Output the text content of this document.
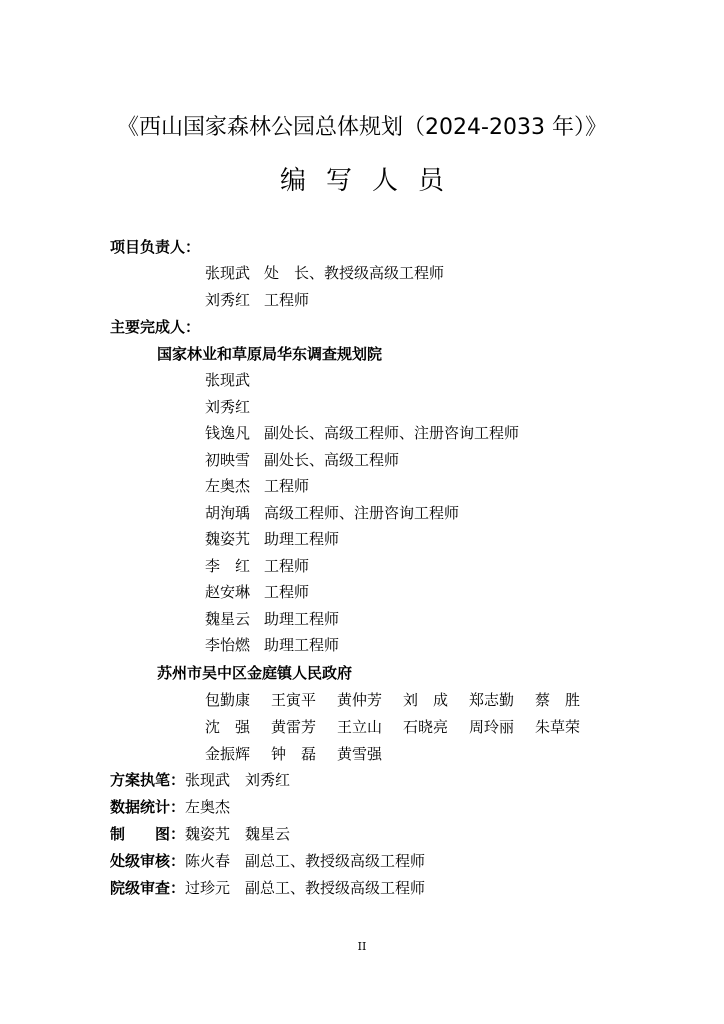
《西山国家森林公园总体规划（2024-2033 年）》
编写人员
项目负责人：
张现武 处　长、教授级高级工程师
刘秀红 工程师
主要完成人：
国家林业和草原局华东调查规划院
张现武
刘秀红
钱逸凡 副处长、高级工程师、注册咨询工程师
初映雪 副处长、高级工程师
左奥杰 工程师
胡洵瑀 高级工程师、注册咨询工程师
魏姿艽 助理工程师
李　红 工程师
赵安琳 工程师
魏星云 助理工程师
李怡燃 助理工程师
苏州市吴中区金庭镇人民政府
包勤康 王寅平 黄仲芳 刘　成 郑志勤 蔡　胜
沈　强 黄雷芳 王立山 石晓亮 周玲丽 朱草荣
金振辉 钟　磊 黄雪强
方案执笔：张现武　刘秀红
数据统计：左奥杰
制　　图：魏姿艽　魏星云
处级审核：陈火春　副总工、教授级高级工程师
院级审查：过珍元　副总工、教授级高级工程师
II
